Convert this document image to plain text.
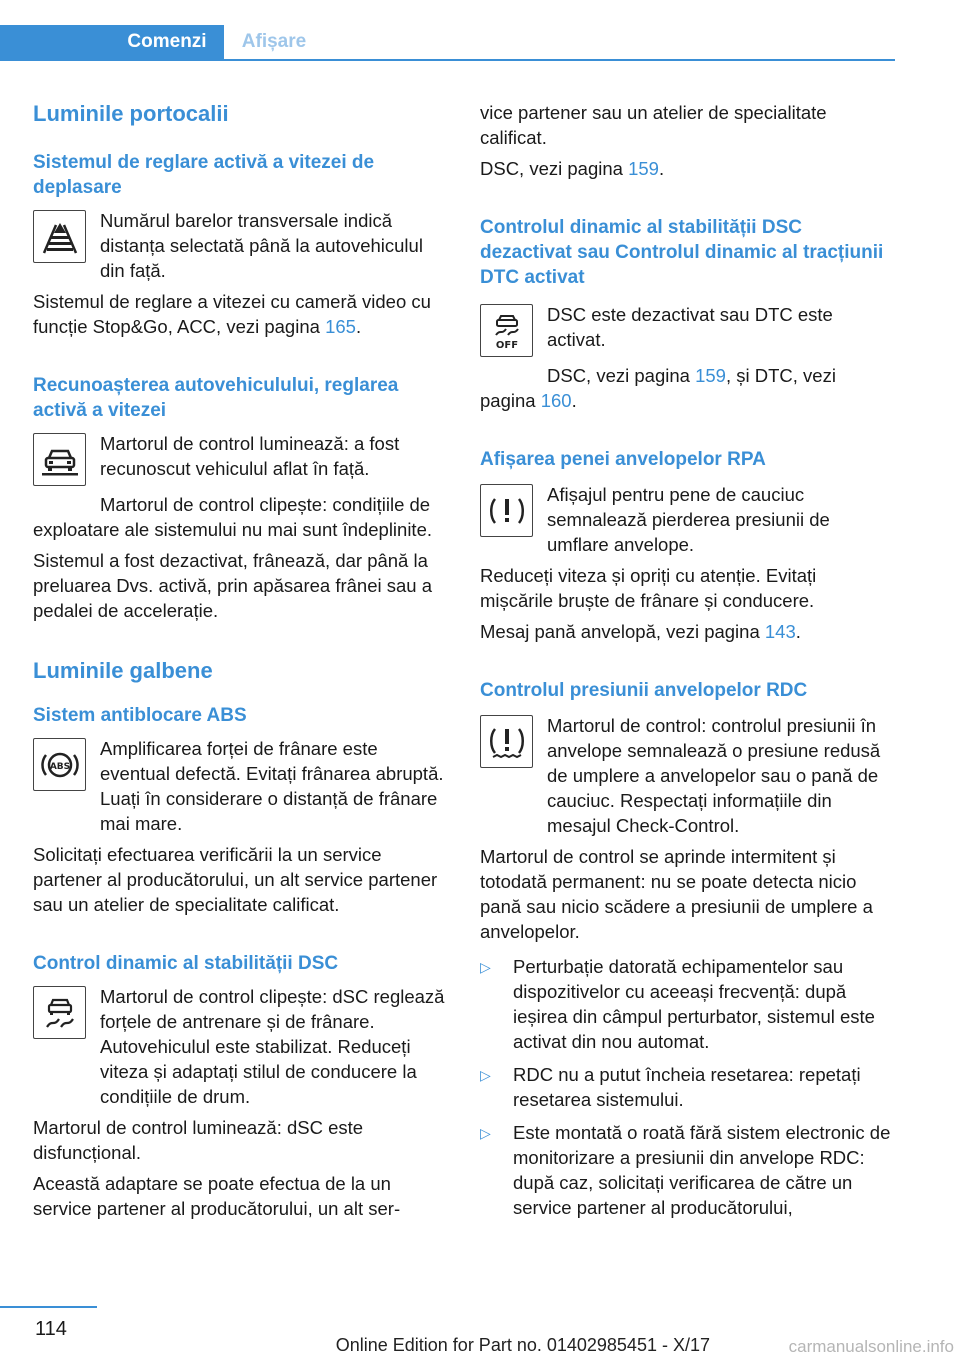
Comenzi Afișare
Luminile portocalii
Sistemul de reglare activă a vitezei de deplasare
Numărul barelor transversale indică distanța selectată până la autovehiculul din față.

Sistemul de reglare a vitezei cu cameră video cu funcție Stop&Go, ACC, vezi pagina 165.

Recunoașterea autovehiculului, reglarea activă a vitezei
Martorul de control luminează: a fost recunoscut vehiculul aflat în față.

Martorul de control clipește: condițiile de exploatare ale sistemului nu mai sunt îndeplinite.

Sistemul a fost dezactivat, frânează, dar până la preluarea Dvs. activă, prin apăsarea frânei sau a pedalei de accelerație.

Luminile galbene
Sistem antiblocare ABS
ABS
Amplificarea forței de frânare este eventual defectă. Evitați frânarea abruptă. Luați în considerare o distanță de frânare mai mare.

Solicitați efectuarea verificării la un service partener al producătorului, un alt service partener sau un atelier de specialitate calificat.

Control dinamic al stabilității DSC
Martorul de control clipește: dSC reglează forțele de antrenare și de frânare. Autovehiculul este stabilizat. Reduceți viteza și adaptați stilul de conducere la condițiile de drum.

Martorul de control luminează: dSC este disfuncțional.

Această adaptare se poate efectua de la un service partener al producătorului, un alt ser-

vice partener sau un atelier de specialitate calificat.

DSC, vezi pagina 159.

Controlul dinamic al stabilității DSC dezactivat sau Controlul dinamic al tracțiunii DTC activat
OFF
DSC este dezactivat sau DTC este activat.

DSC, vezi pagina 159, și DTC, vezi pagina 160.

Afișarea penei anvelopelor RPA
Afișajul pentru pene de cauciuc semnalează pierderea presiunii de umflare anvelope.

Reduceți viteza și opriți cu atenție. Evitați mișcările bruște de frânare și conducere.

Mesaj pană anvelopă, vezi pagina 143.

Controlul presiunii anvelopelor RDC
Martorul de control: controlul presiunii în anvelope semnalează o presiune redusă de umplere a anvelopelor sau o pană de cauciuc. Respectați informațiile din mesajul Check-Control.

Martorul de control se aprinde intermitent și totodată permanent: nu se poate detecta nicio pană sau nicio scădere a presiunii de umplere a anvelopelor.

▷	Perturbație datorată echipamentelor sau dispozitivelor cu aceeași frecvență: după ieșirea din câmpul perturbator, sistemul este activat din nou automat.
▷	RDC nu a putut încheia resetarea: repetați resetarea sistemului.
▷	Este montată o roată fără sistem electronic de monitorizare a presiunii din anvelope RDC: după caz, solicitați verificarea de către un service partener al producătorului,
114
Online Edition for Part no. 01402985451 - X/17	carmanualsonline.info
